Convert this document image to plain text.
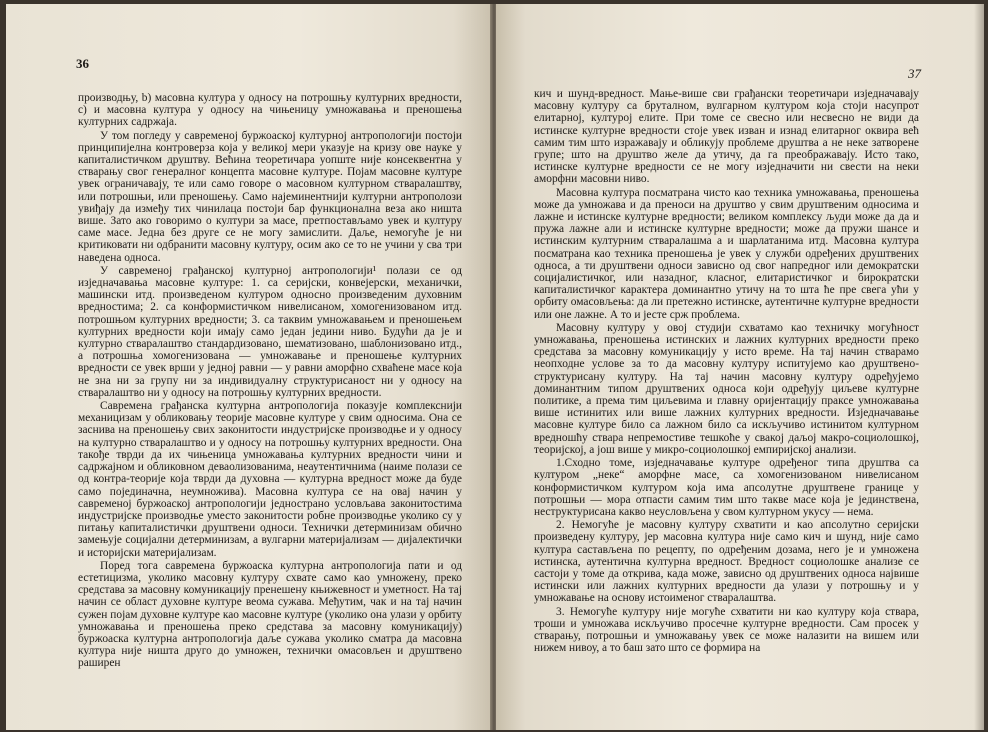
36

производњу, b) масовна култура у односу на потрошњу културних вредности, с) и масовна култура у односу на чињеницу умножавања и преношења културних садржаја.

У том погледу у савременој буржоаској културној антропологији постоји принципијелна контроверза која у великој мери указује на кризу ове науке у капиталистичком друштву. Већина теоретичара уопште није консеквентна у стварању свог генералног концепта масовне културе. Појам масовне културе увек ограничавају, те или само говоре о масовном културном стваралаштву, или потрошњи, или преношењу. Само најеминентнији културни антрополози увиђају да између тих чинилаца постоји бар функционална веза ако ништа више. Зато ако говоримо о култури за масе, претпостављамо увек и културу саме масе. Једна без друге се не могу замислити. Даље, немогуће је ни критиковати ни одбранити масовну културу, осим ако се то не учини у сва три наведена односа.

У савременој грађанској културној антропологији¹ полази се од изједначавања масовне културе: 1. са серијски, конвејерски, механички, машински итд. произведеном културом односно произведеним духовним вредностима; 2. са конформистичком нивелисаном, хомогенизованом итд. потрошњом културних вредности; 3. са таквим умножавањем и преношењем културних вредности који имају само један једини ниво. Будући да је и културно стваралаштво стандардизовано, шематизовано, шаблонизовано итд., а потрошња хомогенизована — умножавање и преношење културних вредности се увек врши у једној равни — у равни аморфно схваћене масе која не зна ни за групу ни за индивидуалну структурисаност ни у односу на стваралаштво ни у односу на потрошњу културних вредности.

Савремена грађанска културна антропологија показује комплекснији механицизам у обликовању теорије масовне културе у свим односима. Она се заснива на преношењу свих законитости индустријске производње и у односу на културно стваралаштво и у односу на потрошњу културних вредности. Она такође тврди да их чињеница умножавања културних вредности чини и садржајном и обликовном деваолизованима, неаутентичнима (наиме полази се од контра-теорије која тврди да духовна — културна вредност може да буде само појединачна, неумножива). Масовна култура се на овај начин у савременој буржоаској антропологији једнострано условљава законитостима индустријске производње уместо законитости робне производње уколико су у питању капиталистички друштвени односи. Технички детерминизам обично замењује социјални детерминизам, а вулгарни материјализам — дијалектички и историјски материјализам.

Поред тога савремена буржоаска културна антропологија пати и од естетицизма, уколико масовну културу схвате само као умножену, преко средстава за масовну комуникацију пренешену књижевност и уметност. На тај начин се област духовне културе веома сужава. Међутим, чак и на тај начин сужен појам духовне културе као масовне културе (уколико она улази у орбиту умножавања и преношења преко средстава за масовну комуникацију) буржоаска културна антропологија даље сужава уколико сматра да масовна култура није ништа друго до умножен, технички омасовљен и друштвено раширен

37

кич и шунд-вредност. Мање-више сви грађански теоретичари изједначавају масовну културу са бруталном, вулгарном културом која стоји насупрот елитарној, културој елите. При томе се свесно или несвесно не види да истинске културне вредности стоје увек изван и изнад елитарног оквира већ самим тим што изражавају и обликују проблеме друштва а не неке затворене групе; што на друштво желе да утичу, да га преображавају. Исто тако, истинске културне вредности се не могу изједначити ни свести на неки аморфни масовни ниво.

Масовна култура посматрана чисто као техника умножавања, преношења може да умножава и да преноси на друштво у свим друштвеним односима и лажне и истинске културне вредности; великом комплексу људи може да да и пружа лажне али и истинске културне вредности; може да пружи шансе и истинским културним стваралашма а и шарлатанима итд. Масовна култура посматрана као техника преношења је увек у служби одређених друштвених односа, а ти друштвени односи зависно од свог напредног или демократски социјалистичког, или назадног, класног, елитаристичког и бирократски капиталистичког карактера доминантно утичу на то шта ће пре свега ући у орбиту омасовљења: да ли претежно истинске, аутентичне културне вредности или оне лажне. А то и јесте срж проблема.

Масовну културу у овој студији схватамо као техничку могућност умножавања, преношења истинских и лажних културних вредности преко средстава за масовну комуникацију у исто време. На тај начин стварамо неопходне услове за то да масовну културу испитујемо као друштвено-структурисану културу. На тај начин масовну културу одређујемо доминантним типом друштвених односа који одређују циљеве културне политике, а према тим циљевима и главну оријентацију праксе умножавања више истинитих или више лажних културних вредности. Изједначавање масовне културе било са лажном било са искључиво истинитом културном вредношћу ствара непремостиве тешкоће у свакој даљој макро-социолошкој, теоријској, а још више у микро-социолошкој емпиријској анализи.

1.Сходно томе, изједначавање културе одређеног типа друштва са културом „неке“ аморфне масе, са хомогенизованом нивелисаном конформистичком културом која има апсолутне друштвене границе у потрошњи — мора отпасти самим тим што такве масе која је јединствена, неструктурисана какво неусловљена у свом културном укусу — нема.

2. Немогуће је масовну културу схватити и као апсолутно серијски произведену културу, јер масовна култура није само кич и шунд, није само култура састављена по рецепту, по одређеним дозама, него је и умножена истинска, аутентична културна вредност. Вредност социолошке анализе се састоји у томе да открива, када може, зависно од друштвених односа највише истински или лажних културних вредности да улази у потрошњу и у умножавање на основу истоименог стваралаштва.

3. Немогуће културу није могуће схватити ни као културу која ствара, троши и умножава искључиво просечне културне вредности. Сам просек у стварању, потрошњи и умножавању увек се може налазити на вишем или нижем нивоу, а то баш зато што се формира на
